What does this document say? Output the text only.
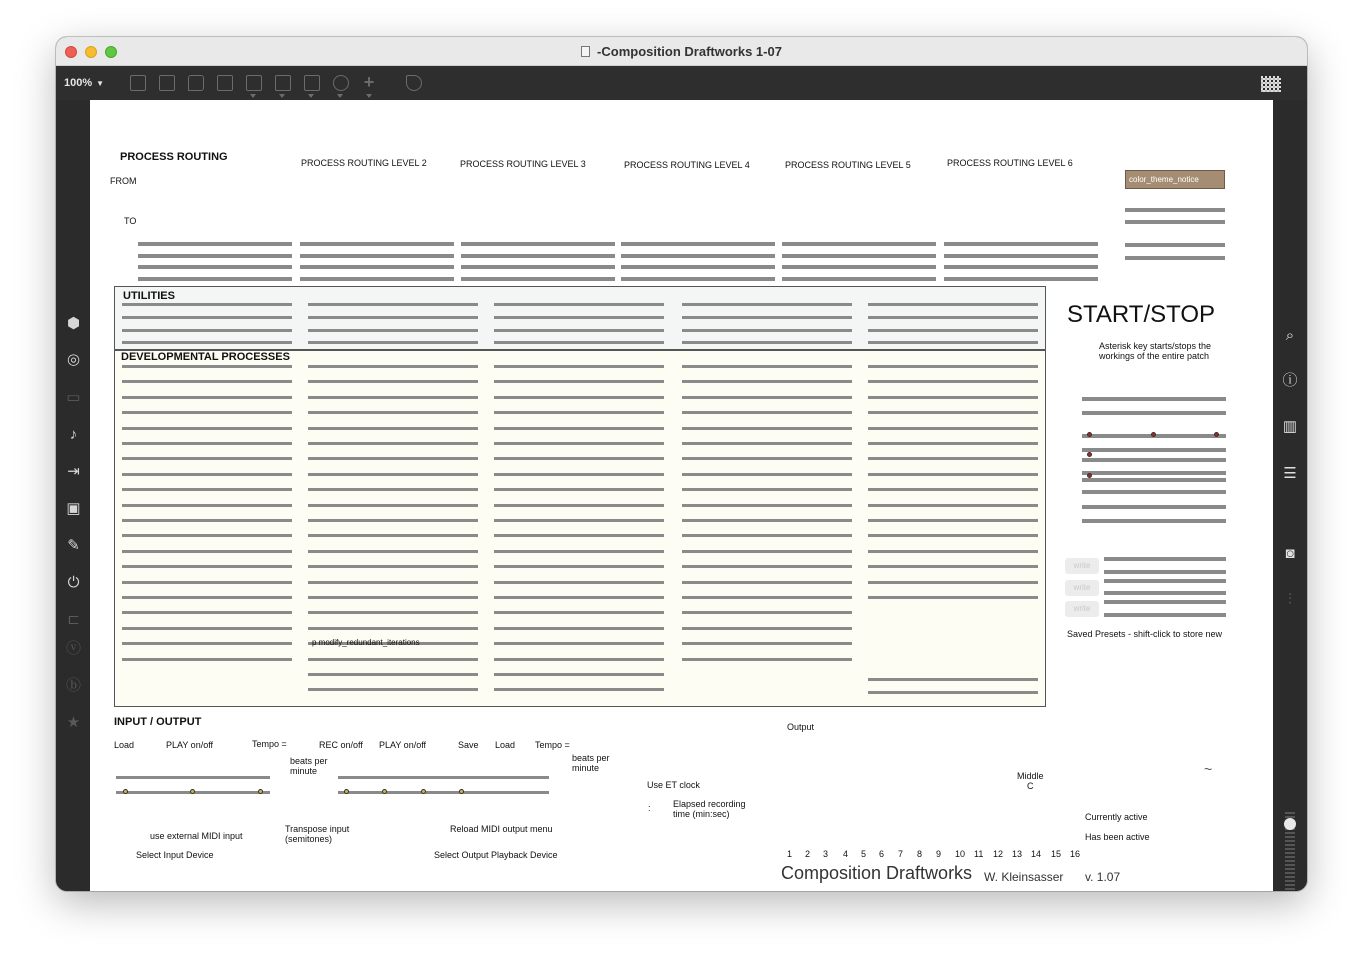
-Composition Draftworks 1-07
100% ▼	+
⬢
◎
▭
♪
⇥
▣
✎
⏻
⊏
ⓥ
ⓑ
★
⌕
ⓘ
▥
☰
◙
⫶
PROCESS ROUTING
FROM
TO
PROCESS ROUTING LEVEL 2	PROCESS ROUTING LEVEL 3	PROCESS ROUTING LEVEL 4	PROCESS ROUTING LEVEL 5	PROCESS ROUTING LEVEL 6
color_theme_notice
UTILITIES
DEVELOPMENTAL PROCESSES
p modify_redundant_iterations
START/STOP
Asterisk key starts/stops the
workings of the entire patch
write
write
write
Saved Presets - shift-click to store new
INPUT / OUTPUT
Load	PLAY on/off	Tempo =
beats per
minute
REC on/off PLAY on/off	Save Load Tempo =
beats per
minute
Use ET clock
: Elapsed recording
time (min:sec)
use external MIDI input
Select Input Device
Transpose input
(semitones)
Reload MIDI output menu
Select Output Playback Device
Output
Middle
C
Currently active
Has been active
~
1 2 3 4 5 6 7 8 9 10 11 12 13 14 15 16
Composition Draftworks W. Kleinsasser v. 1.07
